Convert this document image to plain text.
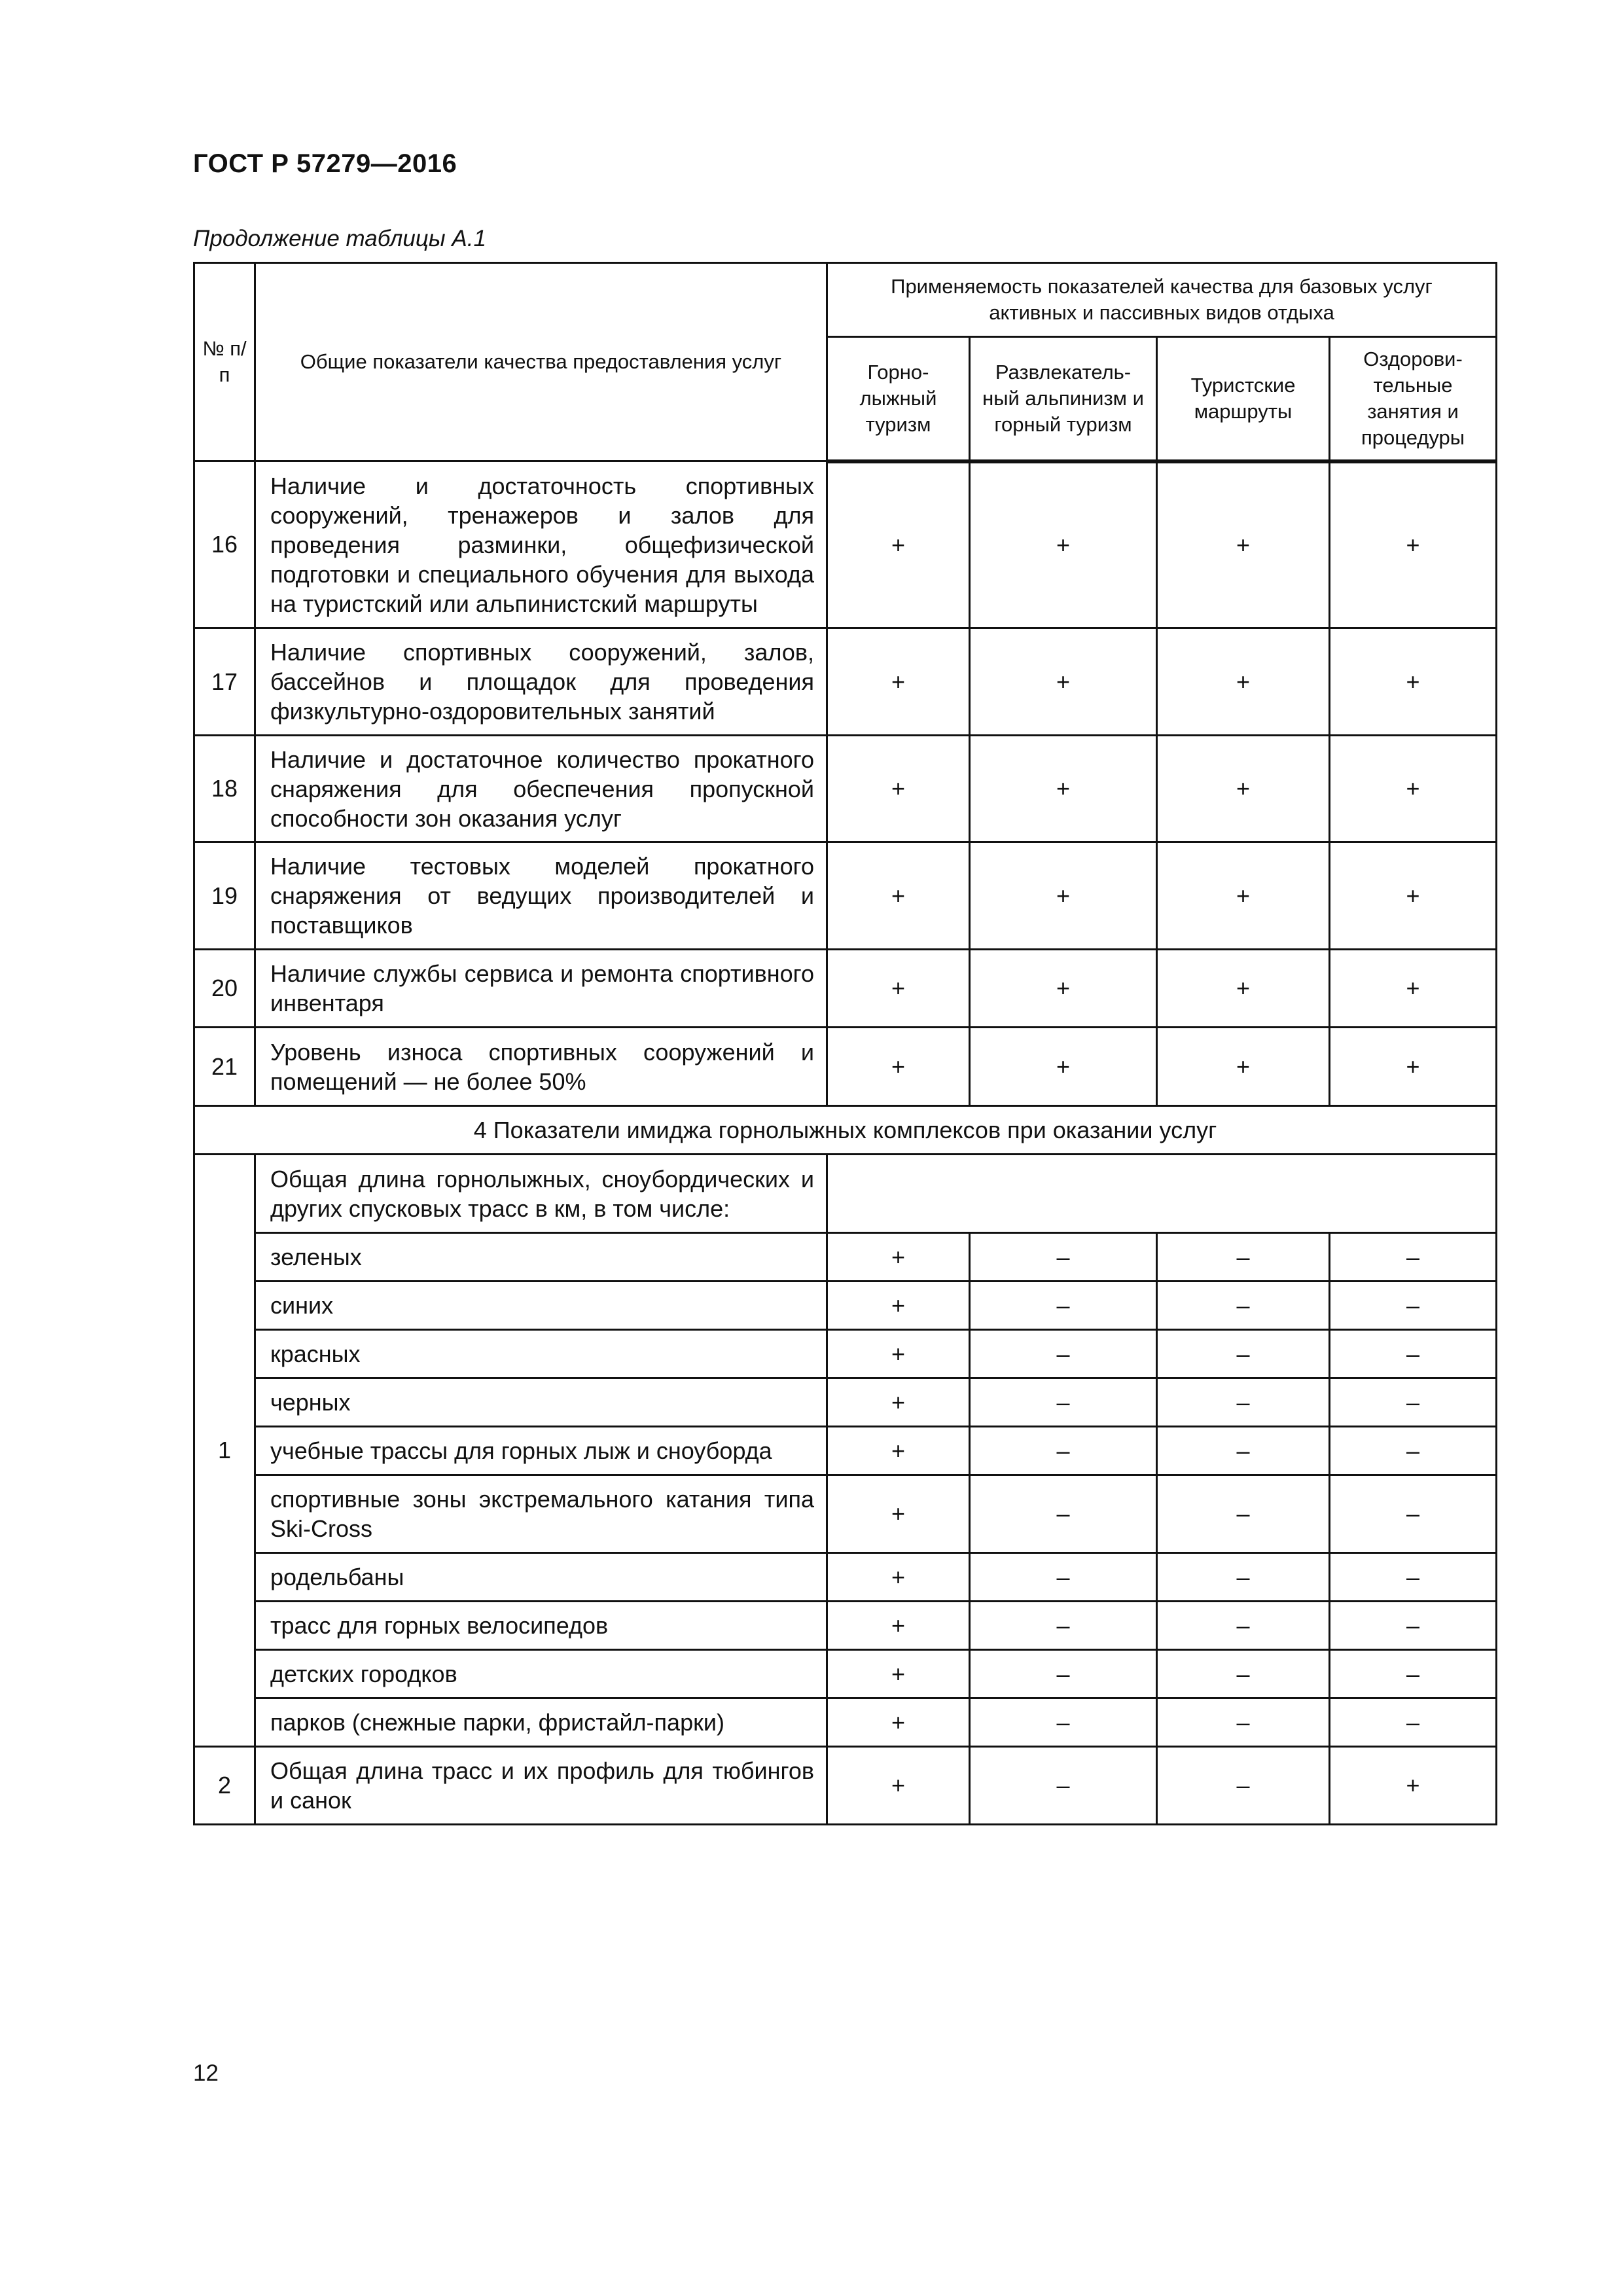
ГОСТ Р 57279—2016
Продолжение таблицы А.1
№ п/п	Общие показатели качества предоставления услуг	Применяемость показателей качества для базовых услуг активных и пассивных видов отдыха			
		Горно-лыжный туризм	Развлекатель-ный альпинизм и горный туризм	Туристские маршруты	Оздорови-тельные занятия и процедуры
16	Наличие и достаточность спортивных сооружений, тренажеров и залов для проведения разминки, общефизической подготовки и специального обучения для выхода на туристский или альпинистский маршруты	+	+	+	+
17	Наличие спортивных сооружений, залов, бассейнов и площадок для проведения физкультурно-оздоровительных занятий	+	+	+	+
18	Наличие и достаточное количество прокатного снаряжения для обеспечения пропускной способности зон оказания услуг	+	+	+	+
19	Наличие тестовых моделей прокатного снаряжения от ведущих производителей и поставщиков	+	+	+	+
20	Наличие службы сервиса и ремонта спортивного инвентаря	+	+	+	+
21	Уровень износа спортивных сооружений и помещений — не более 50%	+	+	+	+
4 Показатели имиджа горнолыжных комплексов при оказании услуг					
1	Общая длина горнолыжных, сноубордических и других спусковых трасс в км, в том числе:				
	зеленых	+	–	–	–
	синих	+	–	–	–
	красных	+	–	–	–
	черных	+	–	–	–
	учебные трассы для горных лыж и сноуборда	+	–	–	–
	спортивные зоны экстремального катания типа Ski-Cross	+	–	–	–
	родельбаны	+	–	–	–
	трасс для горных велосипедов	+	–	–	–
	детских городков	+	–	–	–
	парков (снежные парки, фристайл-парки)	+	–	–	–
2	Общая длина трасс и их профиль для тюбингов и санок	+	–	–	+
12
